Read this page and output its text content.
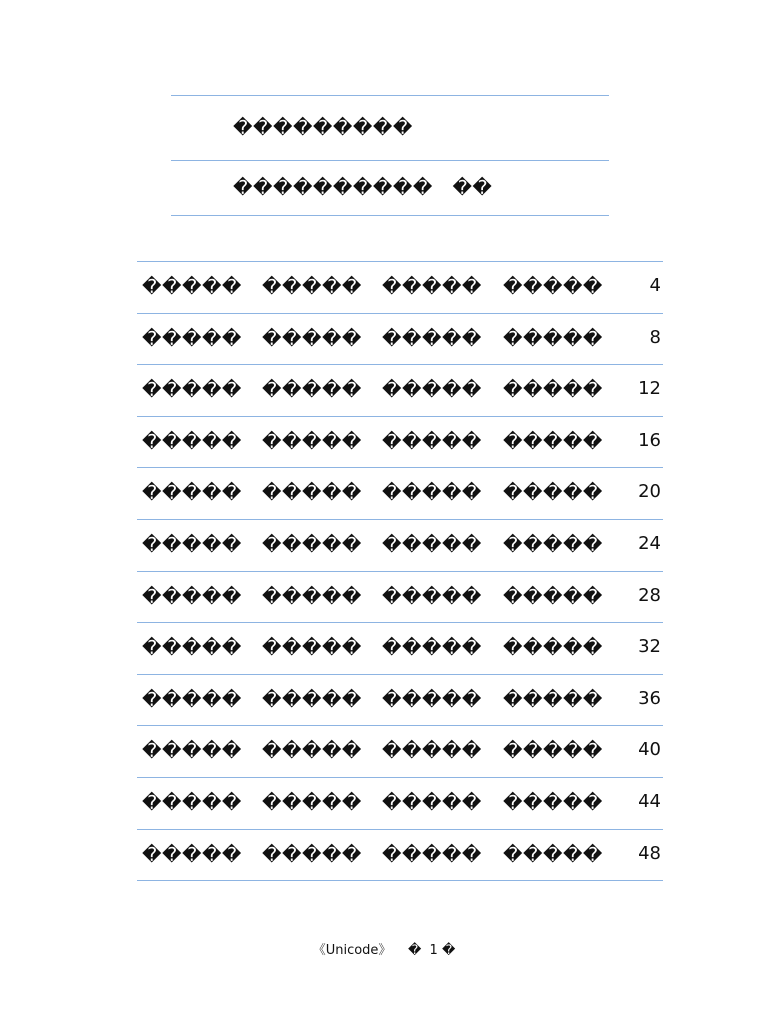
���������
����������   ��
����� ����� ����� �����	4
����� ����� ����� �����	8
����� ����� ����� ����� 12
����� ����� ����� ����� 16
����� ����� ����� ����� 20
����� ����� ����� ����� 24
����� ����� ����� ����� 28
����� ����� ����� ����� 32
����� ����� ����� ����� 36
����� ����� ����� ����� 40
����� ����� ����� ����� 44
����� ����� ����� ����� 48
《Unicode》    �  1 �
